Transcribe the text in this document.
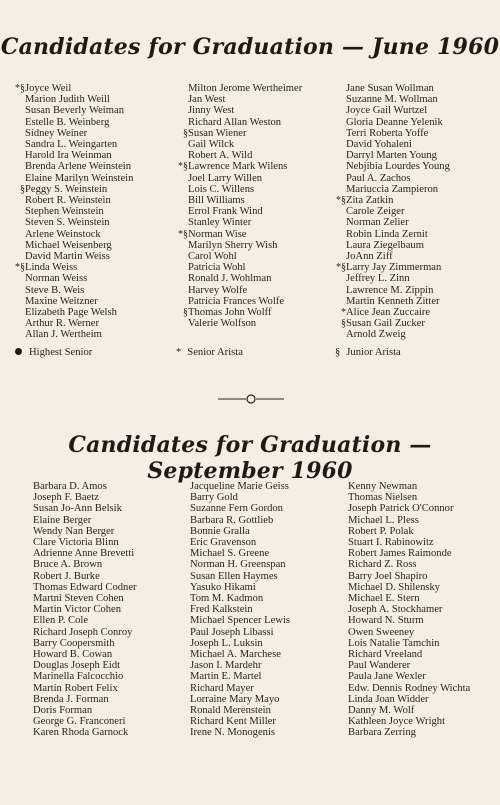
Candidates for Graduation — June 1960
*§ Joyce Weil
Marion Judith Weill
Susan Beverly Weiman
Estelle B. Weinberg
Sidney Weiner
Sandra L. Weingarten
Harold Ira Weinman
Brenda Arlene Weinstein
Elaine Marilyn Weinstein
§ Peggy S. Weinstein
Robert R. Weinstein
Stephen Weinstein
Steven S. Weinstein
Arlene Weinstock
Michael Weisenberg
David Martin Weiss
*§ Linda Weiss
Norman Weiss
Steve B. Weis
Maxine Weitzner
Elizabeth Page Welsh
Arthur R. Werner
Allan J. Wertheim
Milton Jerome Wertheimer
Jan West
Jinny West
Richard Allan Weston
§ Susan Wiener
Gail Wilck
Robert A. Wild
*§ Lawrence Mark Wilens
Joel Larry Willen
Lois C. Willens
Bill Williams
Errol Frank Wind
Stanley Winter
*§ Norman Wise
Marilyn Sherry Wish
Carol Wohl
Patricia Wohl
Ronald J. Wohlman
Harvey Wolfe
Patricia Frances Wolfe
§ Thomas John Wolff
Valerie Wolfson
Jane Susan Wollman
Suzanne M. Wollman
Joyce Gail Wurtzel
Gloria Deanne Yelenik
Terri Roberta Yoffe
David Yohaleni
Darryl Marten Young
Nebjibia Lourdes Young
Paul A. Zachos
Mariuccia Zampieron
*§ Zita Zatkin
Carole Zeiger
Norman Zelier
Robin Linda Zernit
Laura Ziegelbaum
JoAnn Ziff
*§ Larry Jay Zimmerman
Jeffrey L. Zinn
Lawrence M. Zippin
Martin Kenneth Zitter
* Alice Jean Zuccaire
§ Susan Gail Zucker
Arnold Zweig
Highest Senior	* Senior Arista	§ Junior Arista
Candidates for Graduation — September 1960
Barbara D. Amos
Joseph F. Baetz
Susan Jo-Ann Belsik
Elaine Berger
Wendy Nan Berger
Clare Victoria Blinn
Adrienne Anne Brevetti
Bruce A. Brown
Robert J. Burke
Thomas Edward Codner
Martni Steven Cohen
Martin Victor Cohen
Ellen P. Cole
Richard Joseph Conroy
Barry Coopersmith
Howard B. Cowan
Douglas Joseph Eidt
Marinella Falcocchio
Martin Robert Felix
Brenda J. Forman
Doris Forman
George G. Franconeri
Karen Rhoda Garnock
Jacqueline Marie Geiss
Barry Gold
Suzanne Fern Gordon
Barbara R. Gottlieb
Bonnie Gralla
Eric Gravenson
Michael S. Greene
Norman H. Greenspan
Susan Ellen Haymes
Yasuko Hikami
Tom M. Kadmon
Fred Kalkstein
Michael Spencer Lewis
Paul Joseph Libassi
Joseph L. Luksin
Michael A. Marchese
Jason I. Mardehr
Martin E. Martel
Richard Mayer
Lorraine Mary Mayo
Ronald Merenstein
Richard Kent Miller
Irene N. Monogenis
Kenny Newman
Thomas Nielsen
Joseph Patrick O'Connor
Michael L. Pless
Robert P. Polak
Stuart I. Rabinowitz
Robert James Raimonde
Richard Z. Ross
Barry Joel Shapiro
Michael D. Shilensky
Michael E. Stern
Joseph A. Stockhamer
Howard N. Sturm
Owen Sweeney
Lois Natalie Tamchin
Richard Vreeland
Paul Wanderer
Paula Jane Wexler
Edw. Dennis Rodney Wichta
Linda Joan Widder
Danny M. Wolf
Kathleen Joyce Wright
Barbara Zerring
